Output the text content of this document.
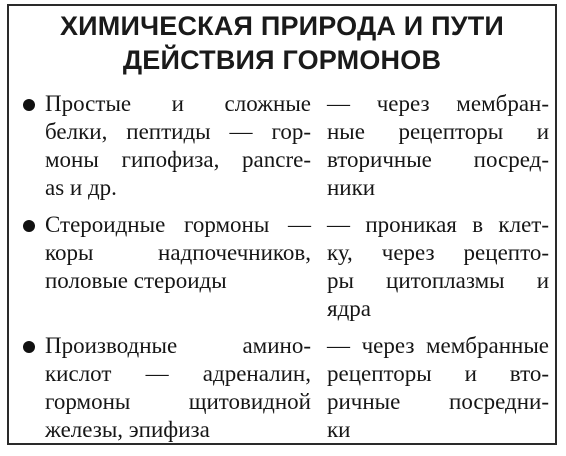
ХИМИЧЕСКАЯ ПРИРОДА И ПУТИ
ДЕЙСТВИЯ ГОРМОНОВ
Простые и сложные
белки, пептиды — гор-
моны гипофиза, pancre-
as и др.
— через мембран-
ные рецепторы и
вторичные посред-
ники
Стероидные гормоны —
коры надпочечников,
половые стероиды
— проникая в клет-
ку, через рецепто-
ры цитоплазмы и
ядра
Производные амино-
кислот — адреналин,
гормоны щитовидной
железы, эпифиза
— через мембранные
рецепторы и вто-
ричные посредни-
ки
